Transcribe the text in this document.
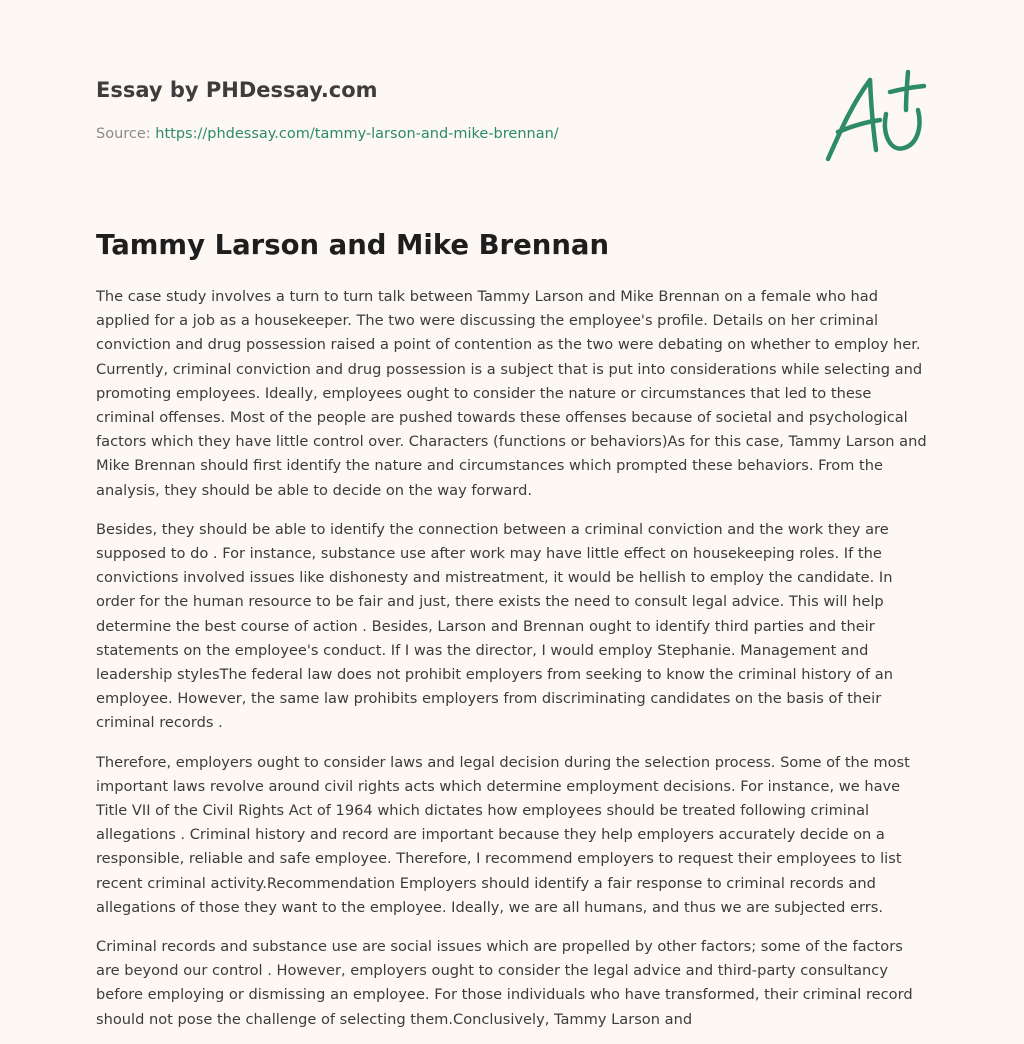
Essay by PHDessay.com
Source: https://phdessay.com/tammy-larson-and-mike-brennan/
Tammy Larson and Mike Brennan

The case study involves a turn to turn talk between Tammy Larson and Mike Brennan on a female who had applied for a job as a housekeeper. The two were discussing the employee's profile. Details on her criminal conviction and drug possession raised a point of contention as the two were debating on whether to employ her. Currently, criminal conviction and drug possession is a subject that is put into considerations while selecting and promoting employees. Ideally, employees ought to consider the nature or circumstances that led to these criminal offenses. Most of the people are pushed towards these offenses because of societal and psychological factors which they have little control over. Characters (functions or behaviors)As for this case, Tammy Larson and Mike Brennan should first identify the nature and circumstances which prompted these behaviors. From the analysis, they should be able to decide on the way forward.

Besides, they should be able to identify the connection between a criminal conviction and the work they are supposed to do . For instance, substance use after work may have little effect on housekeeping roles. If the convictions involved issues like dishonesty and mistreatment, it would be hellish to employ the candidate. In order for the human resource to be fair and just, there exists the need to consult legal advice. This will help determine the best course of action . Besides, Larson and Brennan ought to identify third parties and their statements on the employee's conduct. If I was the director, I would employ Stephanie. Management and leadership stylesThe federal law does not prohibit employers from seeking to know the criminal history of an employee. However, the same law prohibits employers from discriminating candidates on the basis of their criminal records .

Therefore, employers ought to consider laws and legal decision during the selection process. Some of the most important laws revolve around civil rights acts which determine employment decisions. For instance, we have Title VII of the Civil Rights Act of 1964 which dictates how employees should be treated following criminal allegations . Criminal history and record are important because they help employers accurately decide on a responsible, reliable and safe employee. Therefore, I recommend employers to request their employees to list recent criminal activity.Recommendation Employers should identify a fair response to criminal records and allegations of those they want to the employee. Ideally, we are all humans, and thus we are subjected errs.

Criminal records and substance use are social issues which are propelled by other factors; some of the factors are beyond our control . However, employers ought to consider the legal advice and third-party consultancy before employing or dismissing an employee. For those individuals who have transformed, their criminal record should not pose the challenge of selecting them.Conclusively, Tammy Larson and
